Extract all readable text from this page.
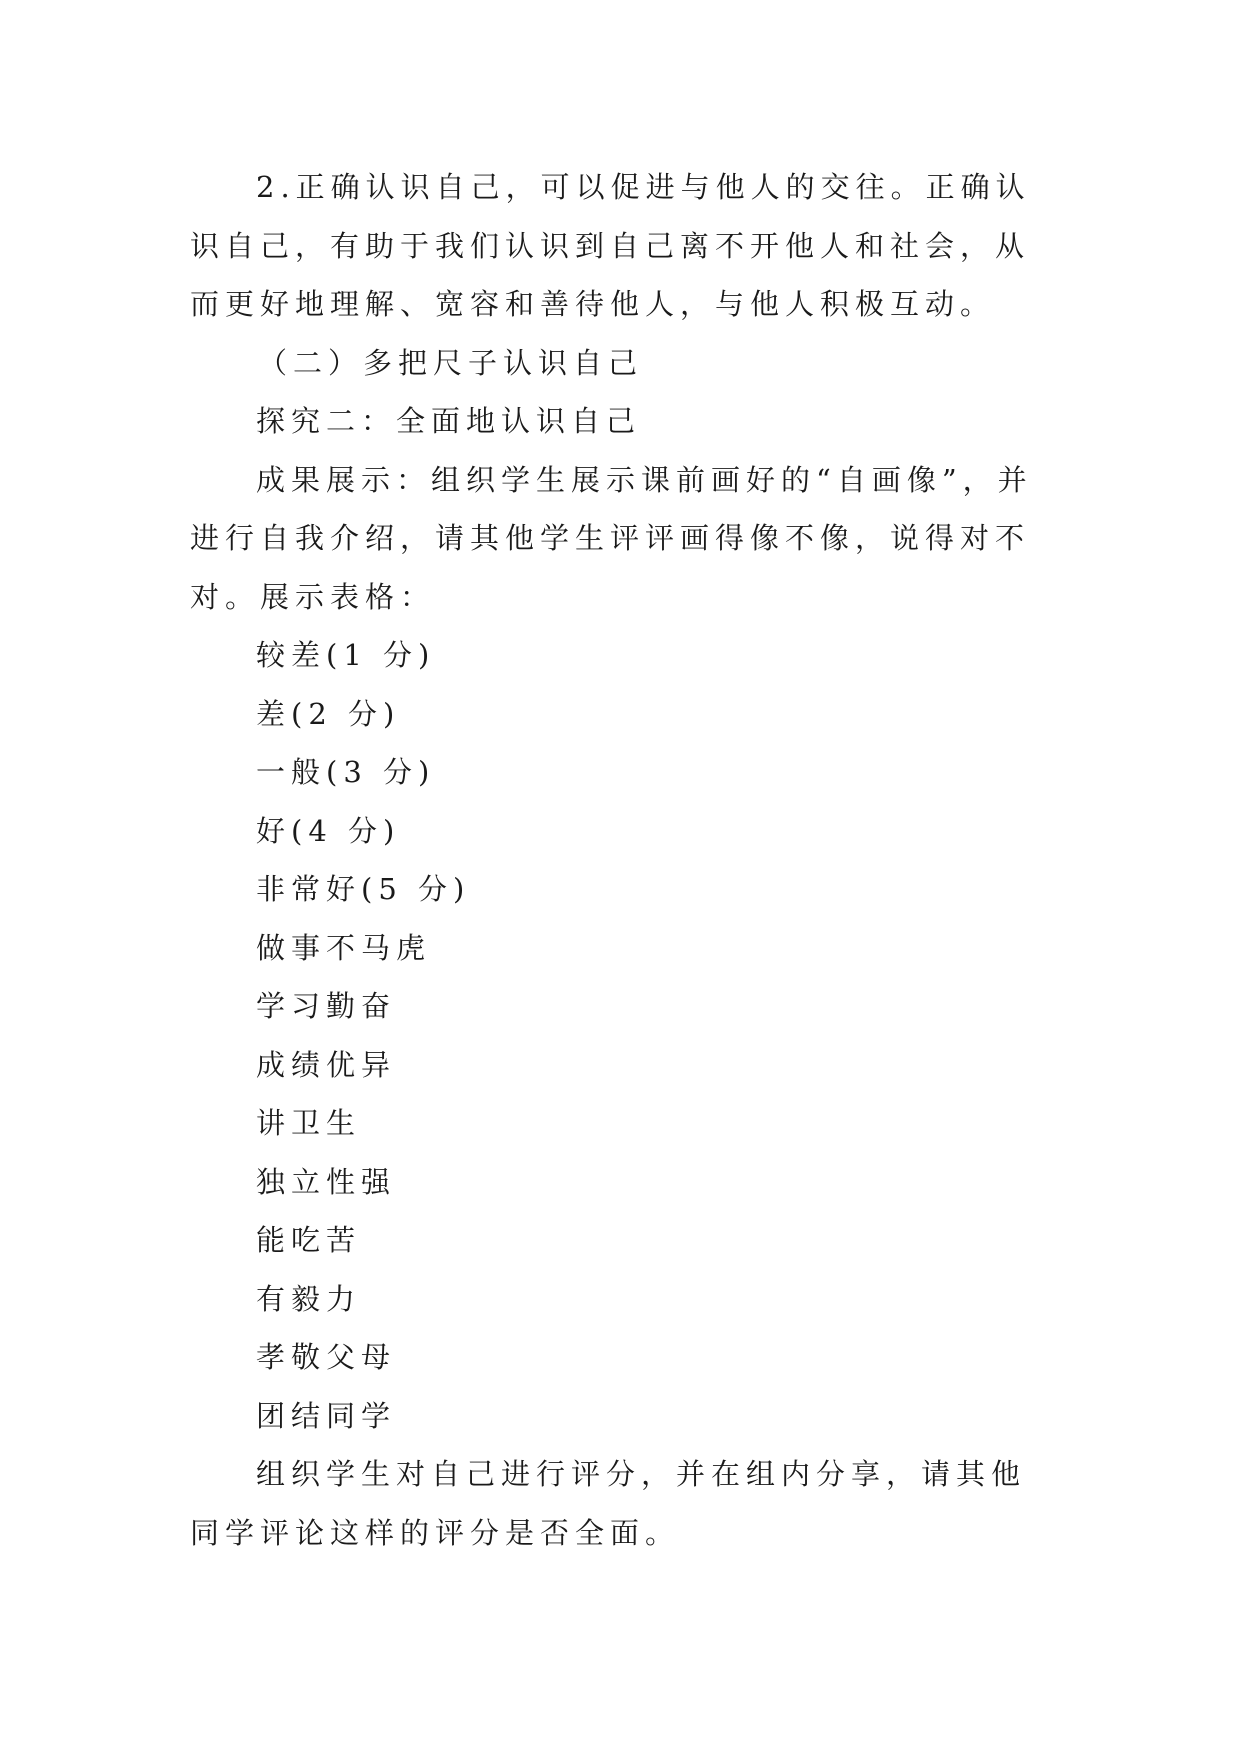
2.正确认识自己，可以促进与他人的交往。正确认识自己，有助于我们认识到自己离不开他人和社会，从而更好地理解、宽容和善待他人，与他人积极互动。

（二）多把尺子认识自己

探究二：全面地认识自己

成果展示：组织学生展示课前画好的“自画像”，并进行自我介绍，请其他学生评评画得像不像，说得对不对。展示表格：

较差(1 分)

差(2 分)

一般(3 分)

好(4 分)

非常好(5 分)

做事不马虎

学习勤奋

成绩优异

讲卫生

独立性强

能吃苦

有毅力

孝敬父母

团结同学

组织学生对自己进行评分，并在组内分享，请其他同学评论这样的评分是否全面。
